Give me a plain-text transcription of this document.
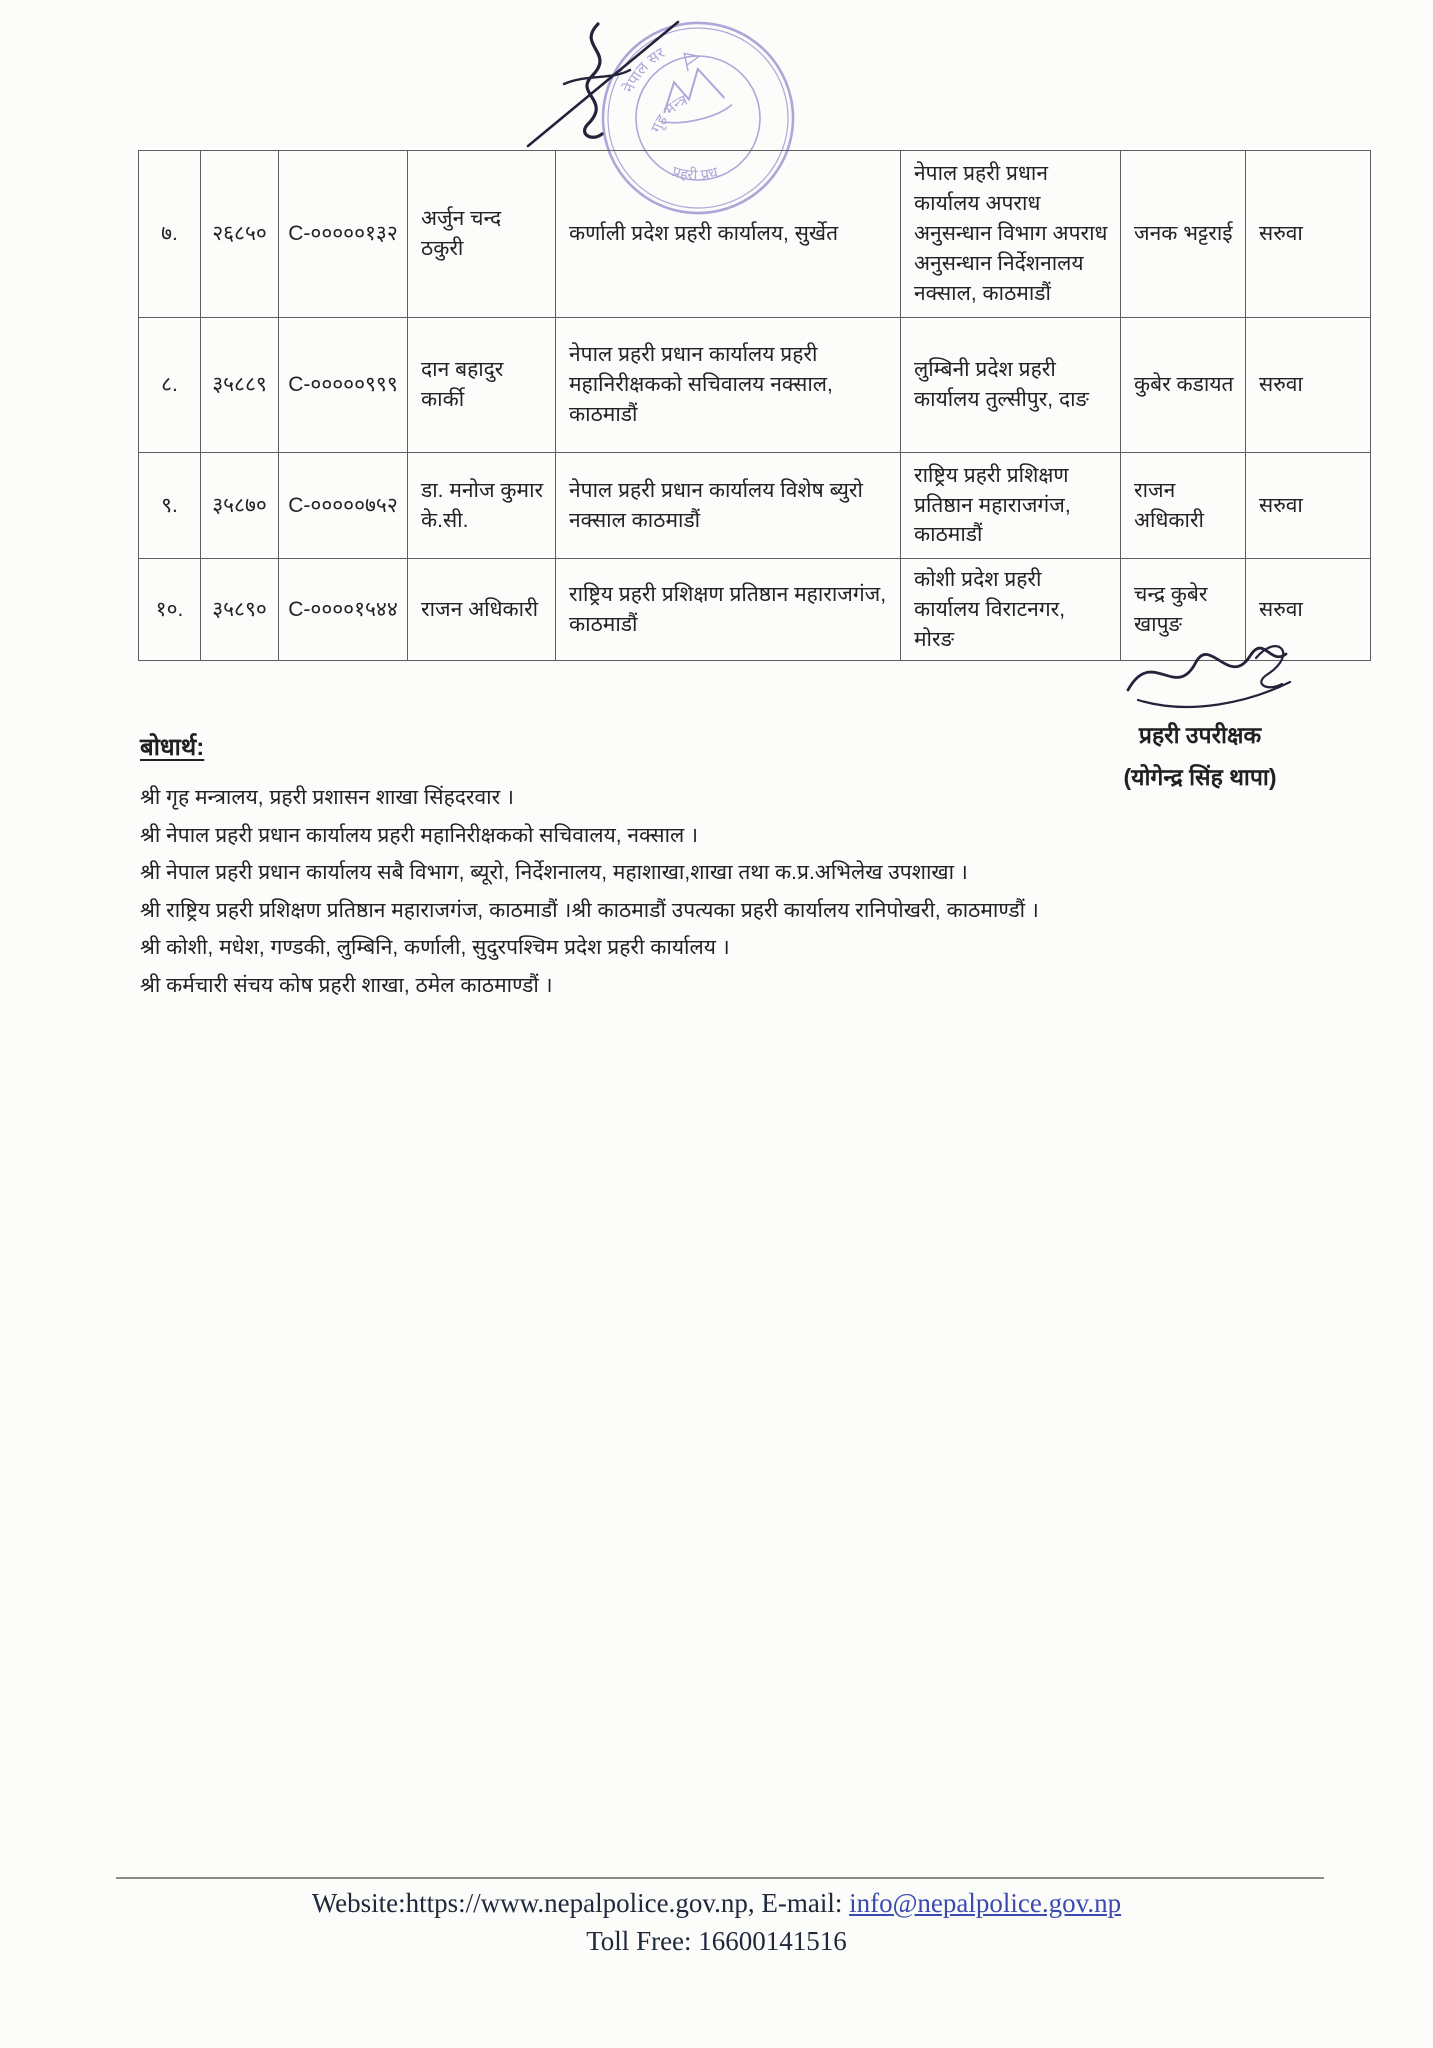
नेपाल सर
गृह मन्त्र
प्रहरी प्रध
७.	२६८५०	C-०००००१३२	अर्जुन चन्द ठकुरी	कर्णाली प्रदेश प्रहरी कार्यालय, सुर्खेत	नेपाल प्रहरी प्रधान कार्यालय अपराध अनुसन्धान विभाग अपराध अनुसन्धान निर्देशनालय नक्साल, काठमाडौं	जनक भट्टराई	सरुवा
८.	३५८८९	C-०००००९९९	दान बहादुर कार्की	नेपाल प्रहरी प्रधान कार्यालय प्रहरी महानिरीक्षकको सचिवालय नक्साल, काठमाडौं	लुम्बिनी प्रदेश प्रहरी कार्यालय तुल्सीपुर, दाङ	कुबेर कडायत	सरुवा
९.	३५८७०	C-०००००७५२	डा. मनोज कुमार के.सी.	नेपाल प्रहरी प्रधान कार्यालय विशेष ब्युरो नक्साल काठमाडौं	राष्ट्रिय प्रहरी प्रशिक्षण प्रतिष्ठान महाराजगंज, काठमाडौं	राजन अधिकारी	सरुवा
१०.	३५८९०	C-००००१५४४	राजन अधिकारी	राष्ट्रिय प्रहरी प्रशिक्षण प्रतिष्ठान महाराजगंज, काठमाडौं	कोशी प्रदेश प्रहरी कार्यालय विराटनगर, मोरङ	चन्द्र कुबेर खापुङ	सरुवा
बोधार्थ:
श्री गृह मन्त्रालय, प्रहरी प्रशासन शाखा सिंहदरवार ।
श्री नेपाल प्रहरी प्रधान कार्यालय प्रहरी महानिरीक्षकको सचिवालय, नक्साल ।
श्री नेपाल प्रहरी प्रधान कार्यालय सबै विभाग, ब्यूरो, निर्देशनालय, महाशाखा,शाखा तथा क.प्र.अभिलेख उपशाखा ।
श्री राष्ट्रिय प्रहरी प्रशिक्षण प्रतिष्ठान महाराजगंज, काठमाडौं ।श्री काठमाडौं उपत्यका प्रहरी कार्यालय रानिपोखरी, काठमाण्डौं ।
श्री कोशी, मधेश, गण्डकी, लुम्बिनि, कर्णाली, सुदुरपश्चिम प्रदेश प्रहरी कार्यालय ।
श्री कर्मचारी संचय कोष प्रहरी शाखा, ठमेल काठमाण्डौं ।
प्रहरी उपरीक्षक
(योगेन्द्र सिंह थापा)
Website:https://www.nepalpolice.gov.np, E-mail: info@nepalpolice.gov.np
Toll Free: 16600141516
